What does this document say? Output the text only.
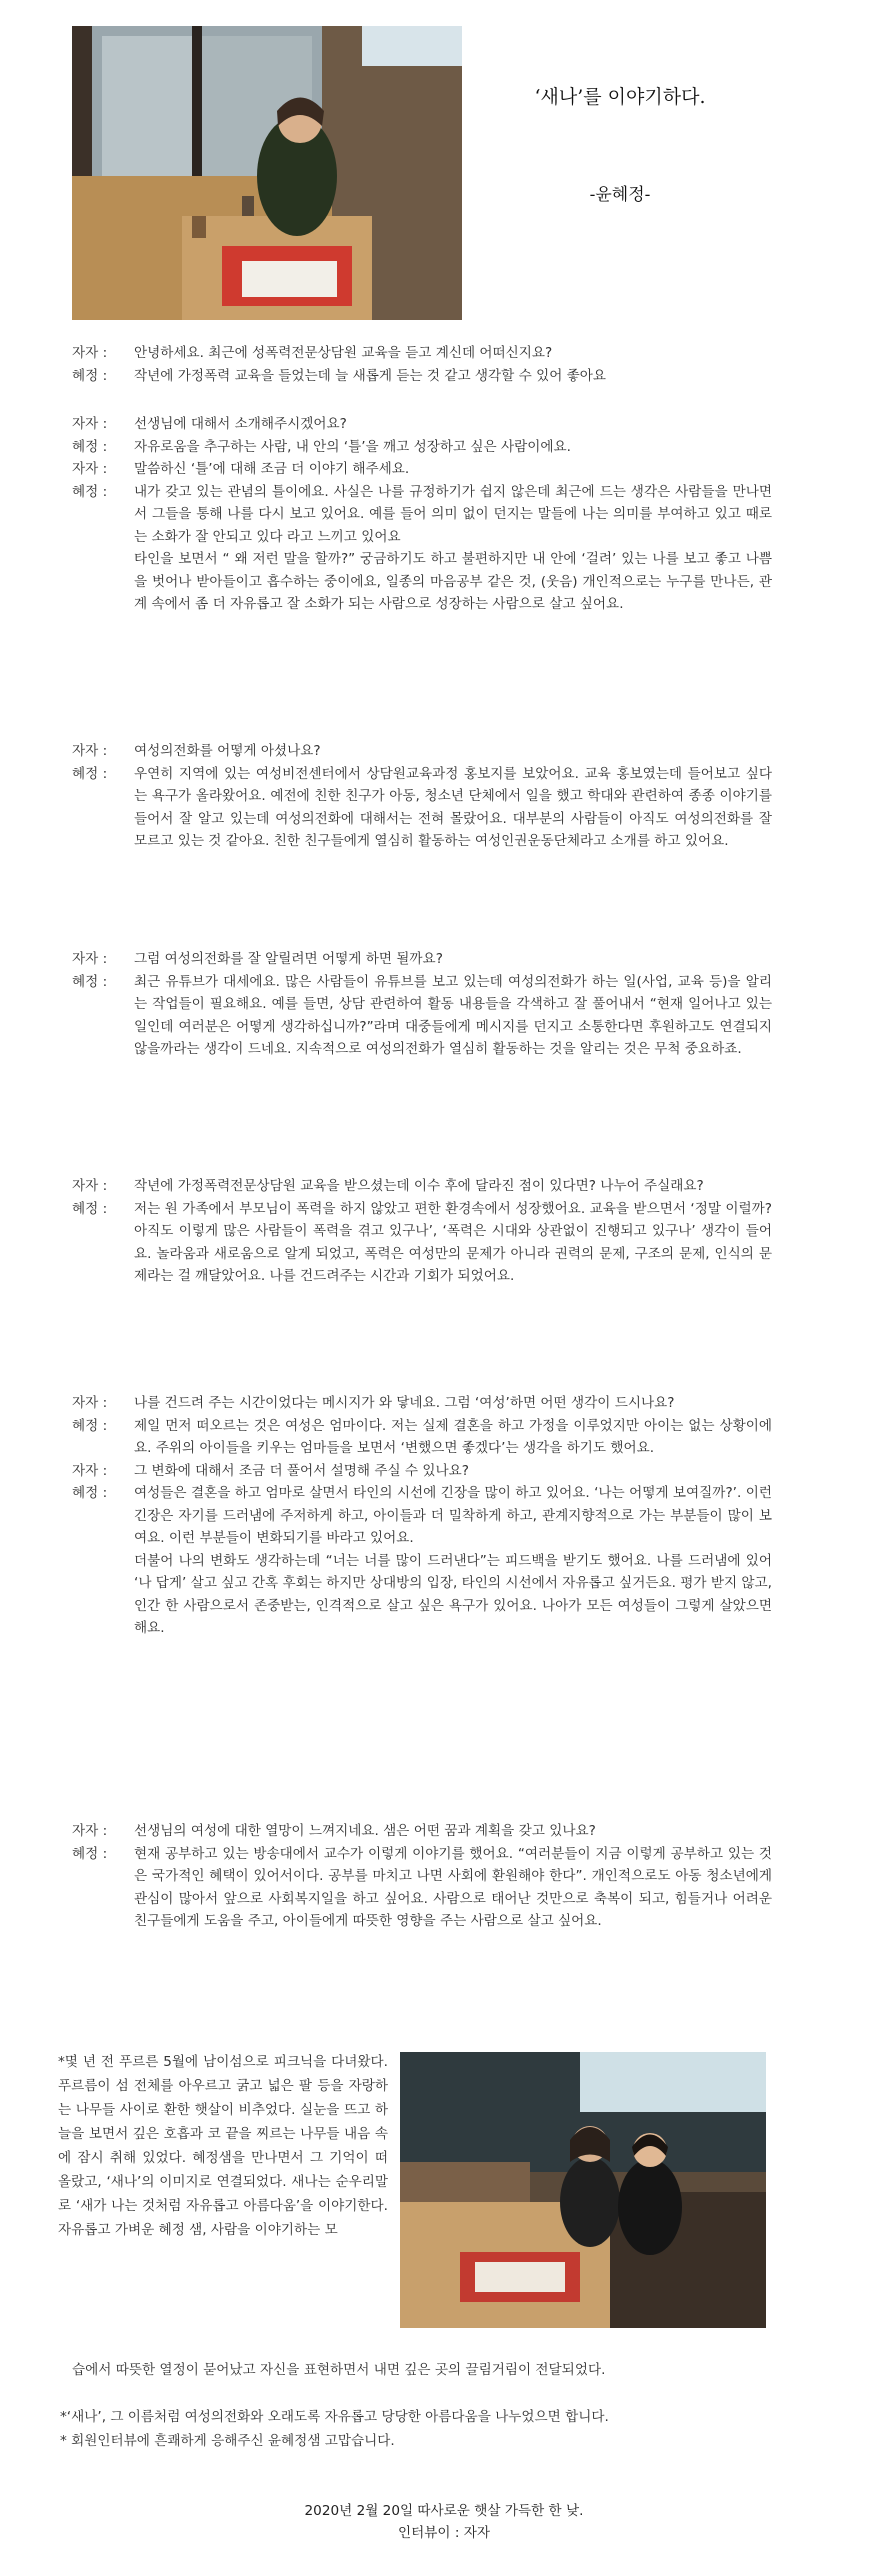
‘새나’를 이야기하다.
-윤혜정-
자자 :	안녕하세요. 최근에 성폭력전문상담원 교육을 듣고 계신데 어떠신지요?
혜정 :	작년에 가정폭력 교육을 들었는데 늘 새롭게 듣는 것 같고 생각할 수 있어 좋아요
자자 :	선생님에 대해서 소개해주시겠어요?
혜정 :	자유로움을 추구하는 사람, 내 안의 ‘틀’을 깨고 성장하고 싶은 사람이에요.
자자 :	말씀하신 ‘틀’에 대해 조금 더 이야기 해주세요.
혜정 :	내가 갖고 있는 관념의 틀이에요. 사실은 나를 규정하기가 쉽지 않은데 최근에 드는 생각은 사람들을 만나면서 그들을 통해 나를 다시 보고 있어요. 예를 들어 의미 없이 던지는 말들에 나는 의미를 부여하고 있고 때로는 소화가 잘 안되고 있다 라고 느끼고 있어요
타인을 보면서 “ 왜 저런 말을 할까?” 궁금하기도 하고 불편하지만 내 안에 ‘걸려’ 있는 나를 보고 좋고 나쁨을 벗어나 받아들이고 흡수하는 중이에요, 일종의 마음공부 같은 것, (웃음) 개인적으로는 누구를 만나든, 관계 속에서 좀 더 자유롭고 잘 소화가 되는 사람으로 성장하는 사람으로 살고 싶어요.
자자 :	여성의전화를 어떻게 아셨나요?
혜정 :	우연히 지역에 있는 여성비전센터에서 상담원교육과정 홍보지를 보았어요. 교육 홍보였는데 들어보고 싶다는 욕구가 올라왔어요. 예전에 친한 친구가 아동, 청소년 단체에서 일을 했고 학대와 관련하여 종종 이야기를 들어서 잘 알고 있는데 여성의전화에 대해서는 전혀 몰랐어요. 대부분의 사람들이 아직도 여성의전화를 잘 모르고 있는 것 같아요. 친한 친구들에게 열심히 활동하는 여성인권운동단체라고 소개를 하고 있어요.
자자 :	그럼 여성의전화를 잘 알릴려면 어떻게 하면 될까요?
혜정 :	최근 유튜브가 대세에요. 많은 사람들이 유튜브를 보고 있는데 여성의전화가 하는 일(사업, 교육 등)을 알리는 작업들이 필요해요. 예를 들면, 상담 관련하여 활동 내용들을 각색하고 잘 풀어내서 “현재 일어나고 있는 일인데 여러분은 어떻게 생각하십니까?”라며 대중들에게 메시지를 던지고 소통한다면 후원하고도 연결되지 않을까라는 생각이 드네요. 지속적으로 여성의전화가 열심히 활동하는 것을 알리는 것은 무척 중요하죠.
자자 :	작년에 가정폭력전문상담원 교육을 받으셨는데 이수 후에 달라진 점이 있다면? 나누어 주실래요?
혜정 :	저는 원 가족에서 부모님이 폭력을 하지 않았고 편한 환경속에서 성장했어요. 교육을 받으면서 ‘정말 이럴까? 아직도 이렇게 많은 사람들이 폭력을 겪고 있구나’, ‘폭력은 시대와 상관없이 진행되고 있구나’ 생각이 들어요. 놀라움과 새로움으로 알게 되었고, 폭력은 여성만의 문제가 아니라 권력의 문제, 구조의 문제, 인식의 문제라는 걸 깨달았어요. 나를 건드려주는 시간과 기회가 되었어요.
자자 :	나를 건드려 주는 시간이었다는 메시지가 와 닿네요. 그럼 ‘여성’하면 어떤 생각이 드시나요?
혜정 :	제일 먼저 떠오르는 것은 여성은 엄마이다. 저는 실제 결혼을 하고 가정을 이루었지만 아이는 없는 상황이에요. 주위의 아이들을 키우는 엄마들을 보면서 ‘변했으면 좋겠다’는 생각을 하기도 했어요.
자자 :	그 변화에 대해서 조금 더 풀어서 설명해 주실 수 있나요?
혜정 :	여성들은 결혼을 하고 엄마로 살면서 타인의 시선에 긴장을 많이 하고 있어요. ‘나는 어떻게 보여질까?’. 이런 긴장은 자기를 드러냄에 주저하게 하고, 아이들과 더 밀착하게 하고, 관계지향적으로 가는 부분들이 많이 보여요. 이런 부분들이 변화되기를 바라고 있어요.
더불어 나의 변화도 생각하는데 “너는 너를 많이 드러낸다”는 피드백을 받기도 했어요. 나를 드러냄에 있어 ‘나 답게’ 살고 싶고 간혹 후회는 하지만 상대방의 입장, 타인의 시선에서 자유롭고 싶거든요. 평가 받지 않고, 인간 한 사람으로서 존중받는, 인격적으로 살고 싶은 욕구가 있어요. 나아가 모든 여성들이 그렇게 살았으면 해요.
자자 :	선생님의 여성에 대한 열망이 느껴지네요. 샘은 어떤 꿈과 계획을 갖고 있나요?
혜정 :	현재 공부하고 있는 방송대에서 교수가 이렇게 이야기를 했어요. “여러분들이 지금 이렇게 공부하고 있는 것은 국가적인 혜택이 있어서이다. 공부를 마치고 나면 사회에 환원해야 한다”. 개인적으로도 아동 청소년에게 관심이 많아서 앞으로 사회복지일을 하고 싶어요. 사람으로 태어난 것만으로 축복이 되고, 힘들거나 어려운 친구들에게 도움을 주고, 아이들에게 따뜻한 영향을 주는 사람으로 살고 싶어요.
*몇 년 전 푸르른 5월에 남이섬으로 피크닉을 다녀왔다. 푸르름이 섬 전체를 아우르고 굵고 넓은 팔 등을 자랑하는 나무들 사이로 환한 햇살이 비추었다. 실눈을 뜨고 하늘을 보면서 깊은 호흡과 코 끝을 찌르는 나무들 내음 속에 잠시 취해 있었다. 혜정샘을 만나면서 그 기억이 떠 올랐고, ‘새나’의 이미지로 연결되었다. 새나는 순우리말로 ‘새가 나는 것처럼 자유롭고 아름다움’을 이야기한다. 자유롭고 가벼운 혜정 샘, 사람을 이야기하는 모
습에서 따뜻한 열정이 묻어났고 자신을 표현하면서 내면 깊은 곳의 끌림거림이 전달되었다.
*‘새나’, 그 이름처럼 여성의전화와 오래도록 자유롭고 당당한 아름다움을 나누었으면 합니다.
* 회원인터뷰에 흔쾌하게 응해주신 윤혜정샘 고맙습니다.
2020년 2월 20일 따사로운 햇살 가득한 한 낮.
인터뷰이 : 자자
